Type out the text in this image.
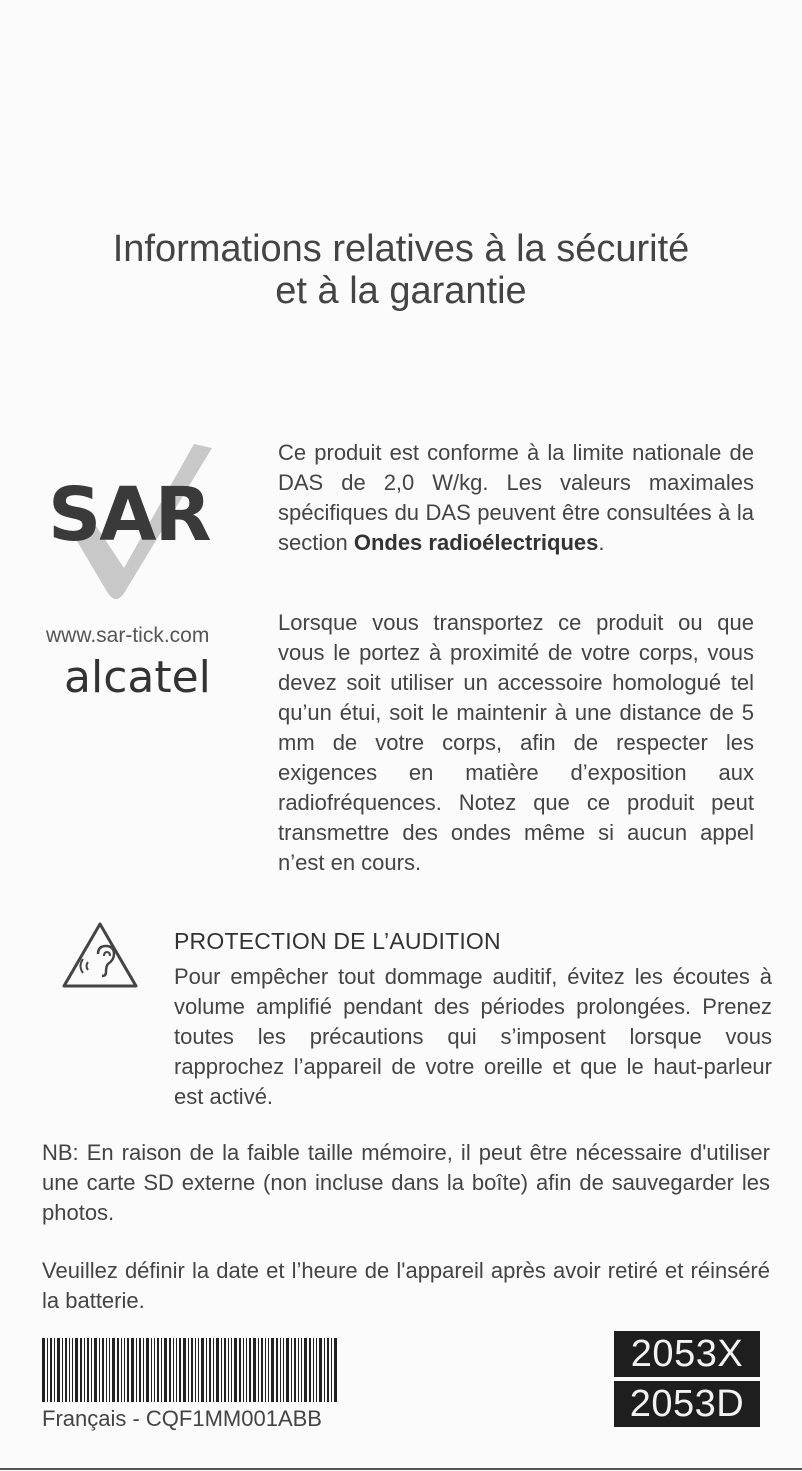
Informations relatives à la sécurité
et à la garantie
SAR
www.sar-tick.com
alcatel

Ce produit est conforme à la limite nationale de DAS de 2,0 W/kg. Les valeurs maximales spécifiques du DAS peuvent être consultées à la section Ondes radioélectriques.

Lorsque vous transportez ce produit ou que vous le portez à proximité de votre corps, vous devez soit utiliser un accessoire homologué tel qu’un étui, soit le maintenir à une distance de 5 mm de votre corps, afin de respecter les exigences en matière d’exposition aux radiofréquences. Notez que ce produit peut transmettre des ondes même si aucun appel n’est en cours.

PROTECTION DE L’AUDITION

Pour empêcher tout dommage auditif, évitez les écoutes à volume amplifié pendant des périodes prolongées. Prenez toutes les précautions qui s’imposent lorsque vous rapprochez l’appareil de votre oreille et que le haut-parleur est activé.

NB: En raison de la faible taille mémoire, il peut être nécessaire d'utiliser une carte SD externe (non incluse dans la boîte) afin de sauvegarder les photos.

Veuillez définir la date et l’heure de l'appareil après avoir retiré et réinséré la batterie.

Français - CQF1MM001ABB
2053X
2053D
